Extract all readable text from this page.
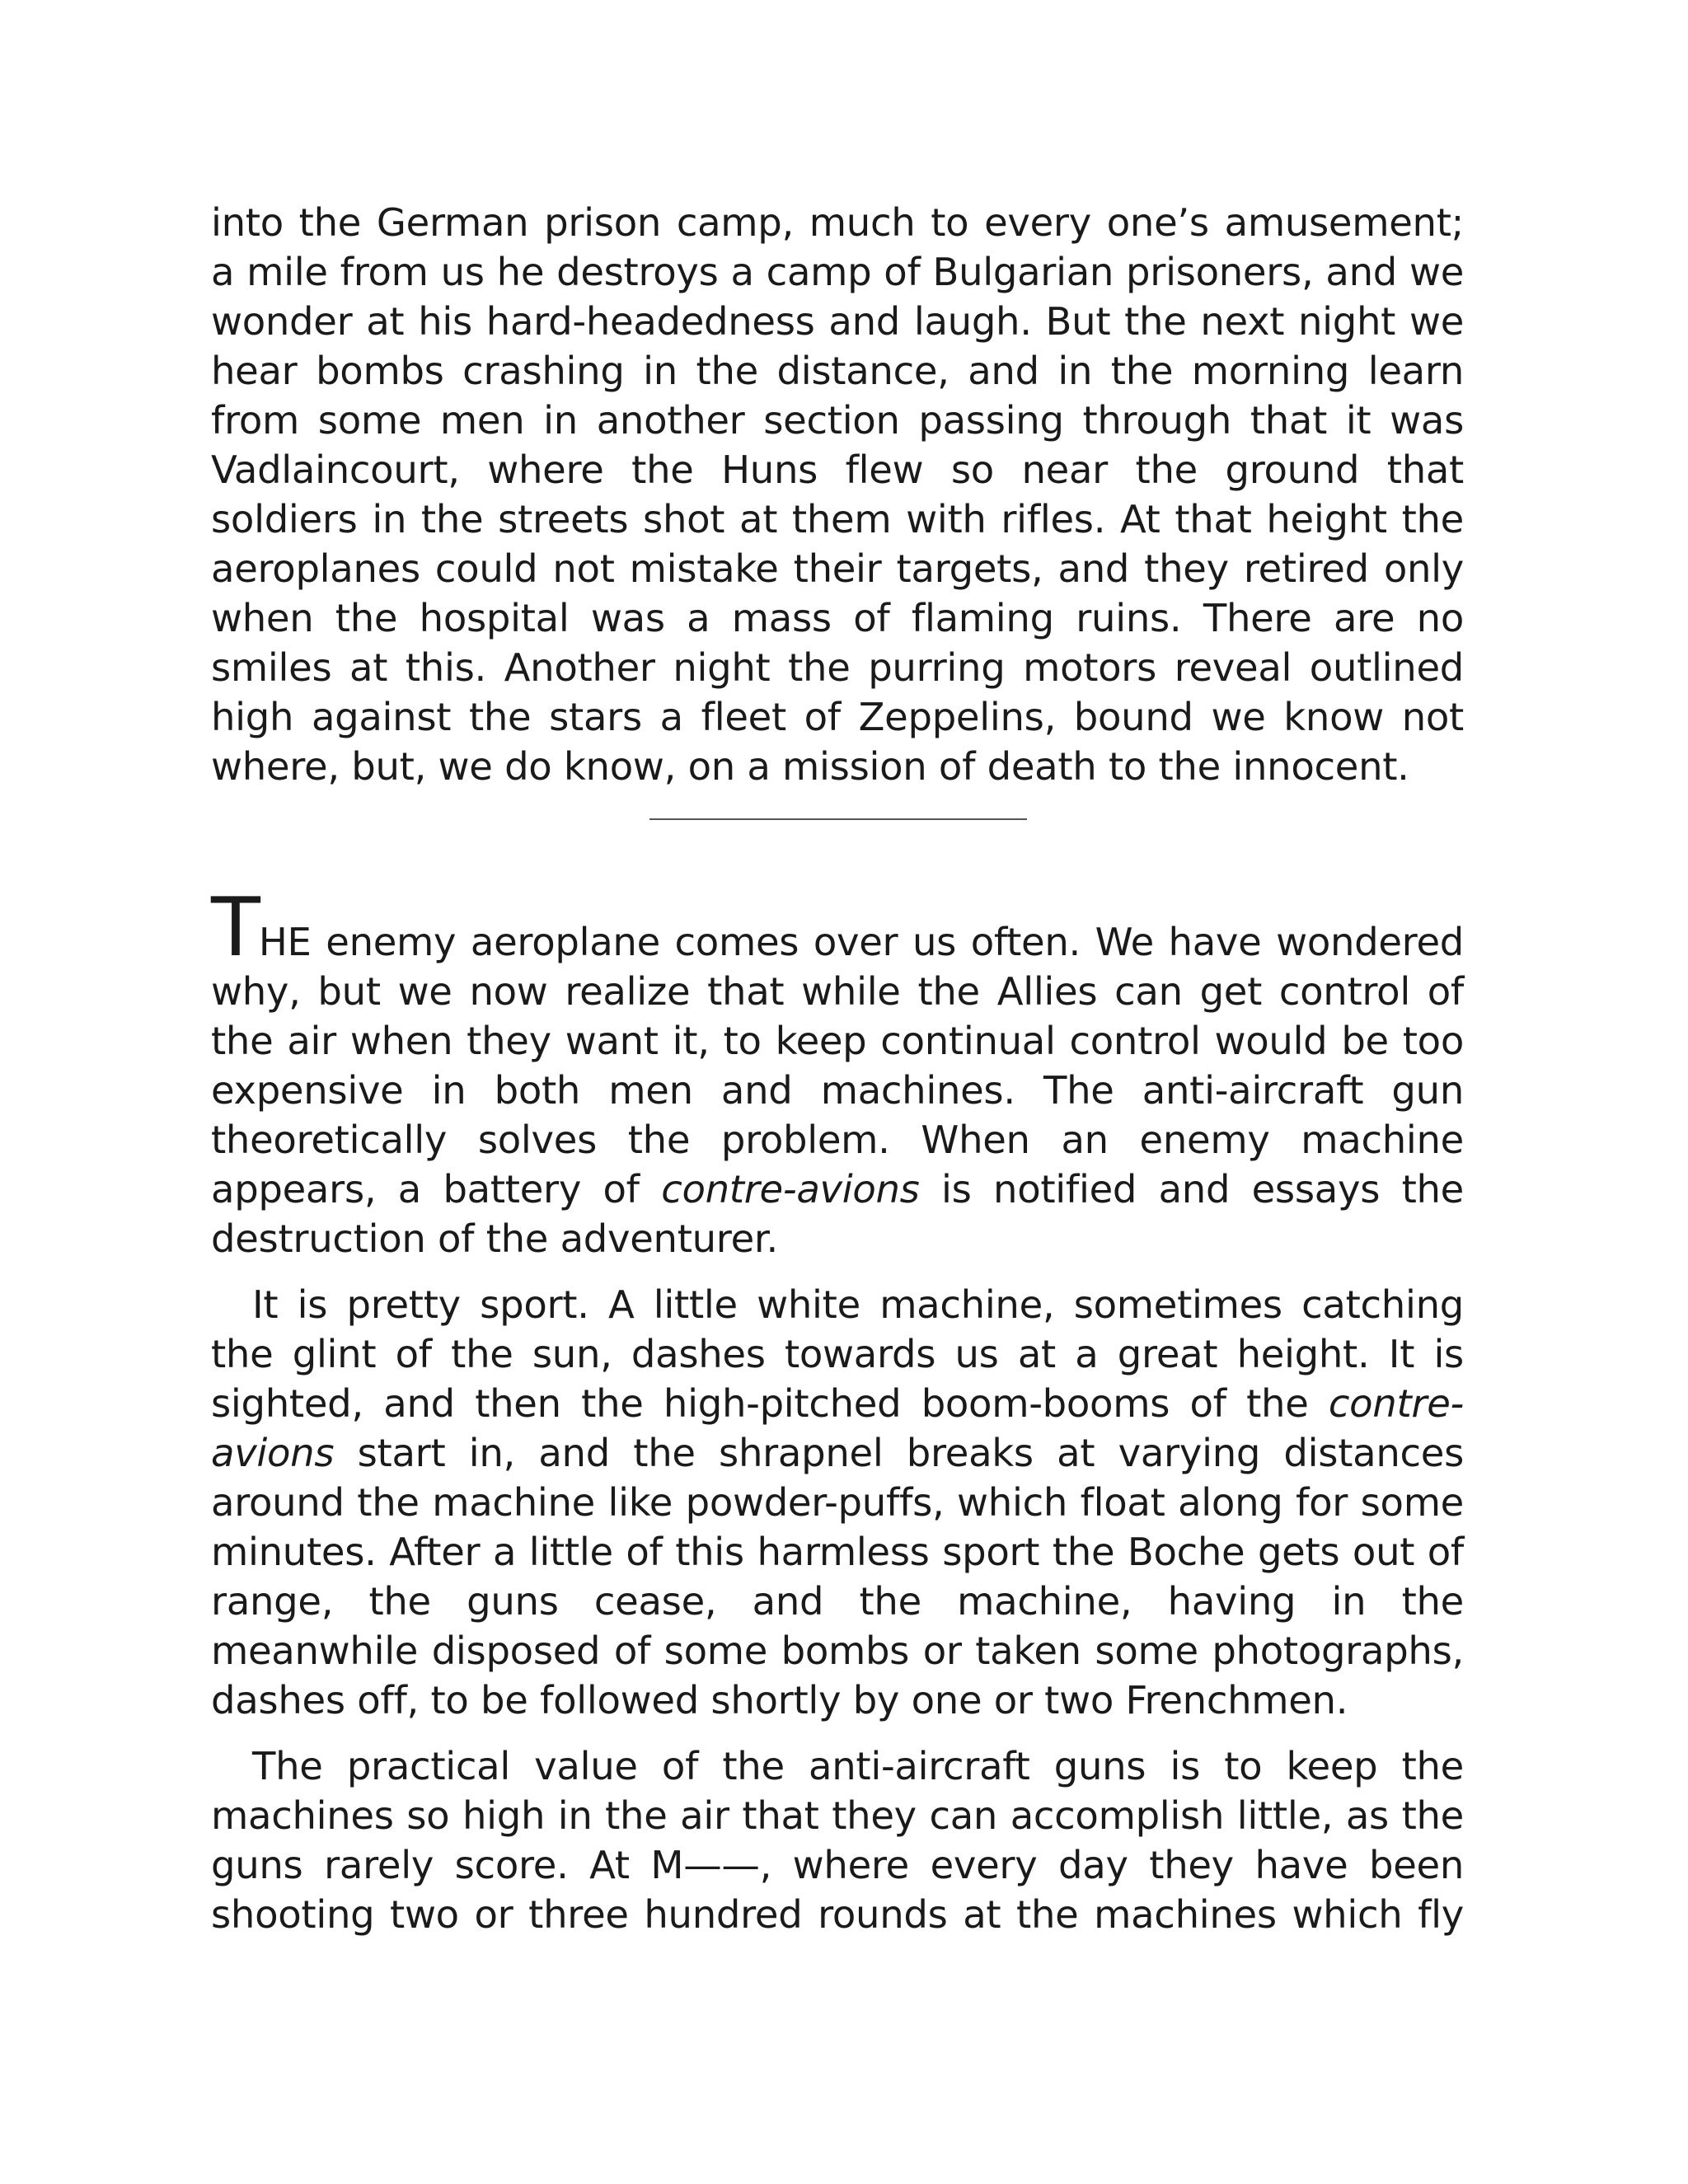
into the German prison camp, much to every one’s amusement; a mile from us he destroys a camp of Bulgarian prisoners, and we wonder at his hard-headedness and laugh. But the next night we hear bombs crashing in the distance, and in the morning learn from some men in another section passing through that it was Vadlaincourt, where the Huns flew so near the ground that soldiers in the streets shot at them with rifles. At that height the aeroplanes could not mistake their targets, and they retired only when the hospital was a mass of flaming ruins. There are no smiles at this. Another night the purring motors reveal outlined high against the stars a fleet of Zeppelins, bound we know not where, but, we do know, on a mission of death to the innocent.

THE enemy aeroplane comes over us often. We have wondered why, but we now realize that while the Allies can get control of the air when they want it, to keep continual control would be too expensive in both men and machines. The anti-aircraft gun theoretically solves the problem. When an enemy machine appears, a battery of contre-avions is notified and essays the destruction of the adventurer.

It is pretty sport. A little white machine, sometimes catching the glint of the sun, dashes towards us at a great height. It is sighted, and then the high-pitched boom-booms of the contre-avions start in, and the shrapnel breaks at varying distances around the machine like powder-puffs, which float along for some minutes. After a little of this harmless sport the Boche gets out of range, the guns cease, and the machine, having in the meanwhile disposed of some bombs or taken some photographs, dashes off, to be followed shortly by one or two Frenchmen.

The practical value of the anti-aircraft guns is to keep the machines so high in the air that they can accomplish little, as the guns rarely score. At M——, where every day they have been shooting two or three hundred rounds at the machines which fly
